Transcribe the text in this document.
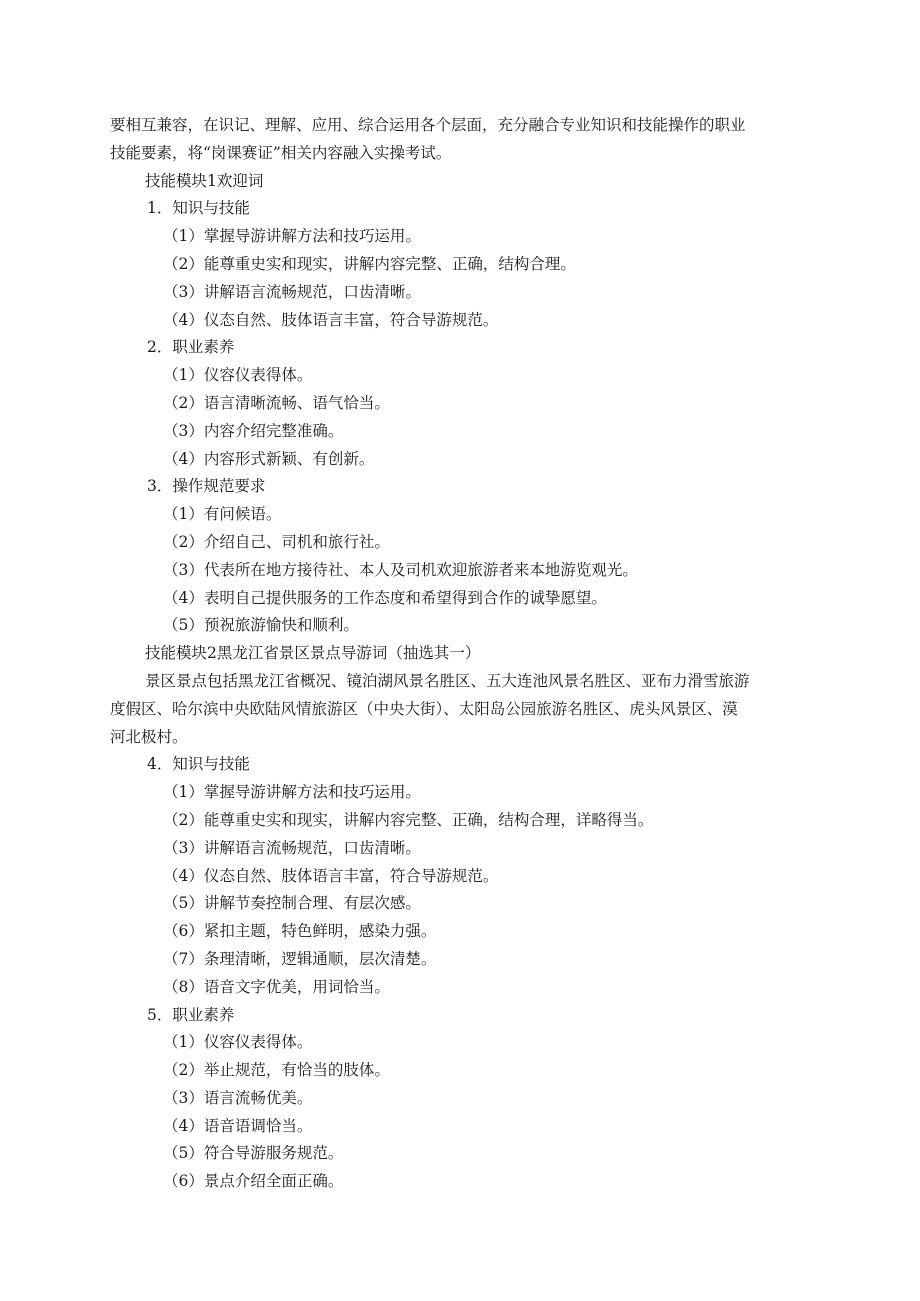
要相互兼容，在识记、理解、应用、综合运用各个层面，充分融合专业知识和技能操作的职业
技能要素，将“岗课赛证”相关内容融入实操考试。
技能模块1欢迎词
1．知识与技能
（1）掌握导游讲解方法和技巧运用。
（2）能尊重史实和现实，讲解内容完整、正确，结构合理。
（3）讲解语言流畅规范，口齿清晰。
（4）仪态自然、肢体语言丰富，符合导游规范。
2．职业素养
（1）仪容仪表得体。
（2）语言清晰流畅、语气恰当。
（3）内容介绍完整准确。
（4）内容形式新颖、有创新。
3．操作规范要求
（1）有问候语。
（2）介绍自己、司机和旅行社。
（3）代表所在地方接待社、本人及司机欢迎旅游者来本地游览观光。
（4）表明自己提供服务的工作态度和希望得到合作的诚挚愿望。
（5）预祝旅游愉快和顺利。
技能模块2黑龙江省景区景点导游词（抽选其一）
景区景点包括黑龙江省概况、镜泊湖风景名胜区、五大连池风景名胜区、亚布力滑雪旅游
度假区、哈尔滨中央欧陆风情旅游区（中央大街）、太阳岛公园旅游名胜区、虎头风景区、漠
河北极村。
4．知识与技能
（1）掌握导游讲解方法和技巧运用。
（2）能尊重史实和现实，讲解内容完整、正确，结构合理，详略得当。
（3）讲解语言流畅规范，口齿清晰。
（4）仪态自然、肢体语言丰富，符合导游规范。
（5）讲解节奏控制合理、有层次感。
（6）紧扣主题，特色鲜明，感染力强。
（7）条理清晰，逻辑通顺，层次清楚。
（8）语音文字优美，用词恰当。
5．职业素养
（1）仪容仪表得体。
（2）举止规范，有恰当的肢体。
（3）语言流畅优美。
（4）语音语调恰当。
（5）符合导游服务规范。
（6）景点介绍全面正确。
